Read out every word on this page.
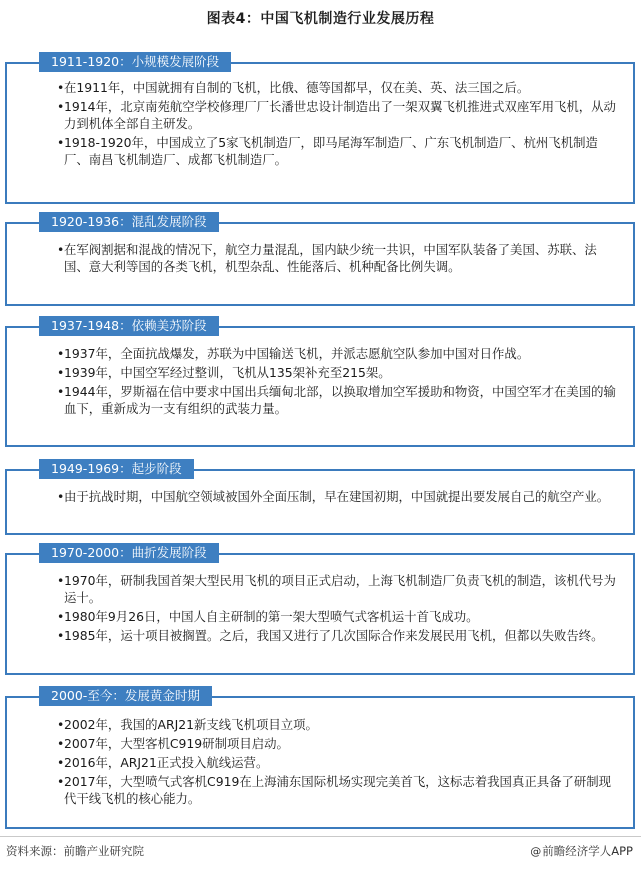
图表4：中国飞机制造行业发展历程
1911-1920：小规模发展阶段
•在1911年，中国就拥有自制的飞机，比俄、德等国都早，仅在美、英、法三国之后。
•1914年，北京南苑航空学校修理厂厂长潘世忠设计制造出了一架双翼飞机推进式双座军用飞机，从动力到机体全部自主研发。
•1918-1920年，中国成立了5家飞机制造厂，即马尾海军制造厂、广东飞机制造厂、杭州飞机制造厂、南昌飞机制造厂、成都飞机制造厂。
1920-1936：混乱发展阶段
•在军阀割据和混战的情况下，航空力量混乱，国内缺少统一共识，中国军队装备了美国、苏联、法国、意大利等国的各类飞机，机型杂乱、性能落后、机种配备比例失调。
1937-1948：依赖美苏阶段
•1937年，全面抗战爆发，苏联为中国输送飞机，并派志愿航空队参加中国对日作战。
•1939年，中国空军经过整训，飞机从135架补充至215架。
•1944年，罗斯福在信中要求中国出兵缅甸北部，以换取增加空军援助和物资，中国空军才在美国的输血下，重新成为一支有组织的武装力量。
1949-1969：起步阶段
•由于抗战时期，中国航空领域被国外全面压制，早在建国初期，中国就提出要发展自己的航空产业。
1970-2000：曲折发展阶段
•1970年，研制我国首架大型民用飞机的项目正式启动，上海飞机制造厂负责飞机的制造，该机代号为运十。
•1980年9月26日，中国人自主研制的第一架大型喷气式客机运十首飞成功。
•1985年，运十项目被搁置。之后，我国又进行了几次国际合作来发展民用飞机，但都以失败告终。
2000-至今：发展黄金时期
•2002年，我国的ARJ21新支线飞机项目立项。
•2007年，大型客机C919研制项目启动。
•2016年，ARJ21正式投入航线运营。
•2017年，大型喷气式客机C919在上海浦东国际机场实现完美首飞，这标志着我国真正具备了研制现代干线飞机的核心能力。
资料来源：前瞻产业研究院	@前瞻经济学人APP
